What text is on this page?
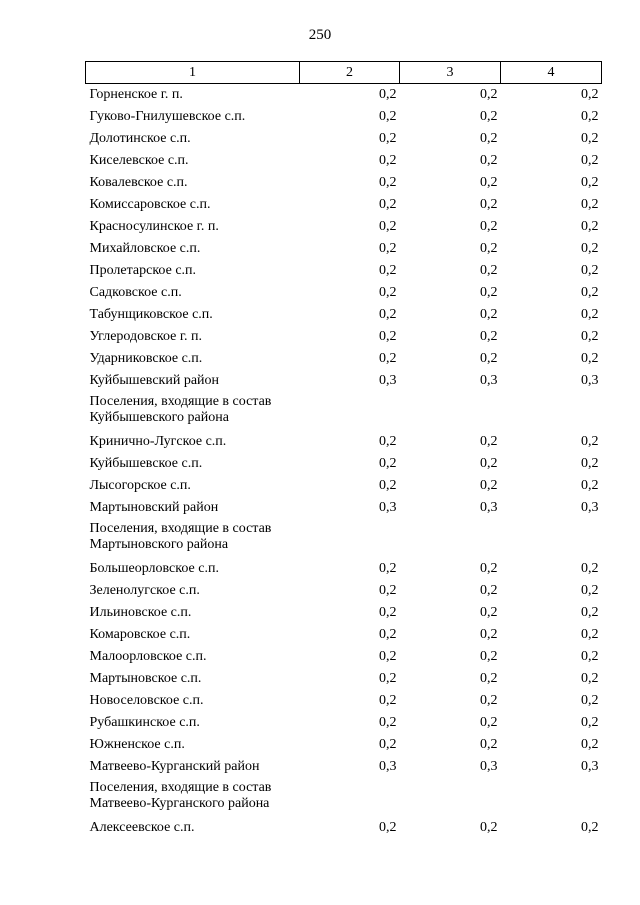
250
1	2	3	4
Горненское г. п.	0,2	0,2	0,2
Гуково-Гнилушевское с.п.	0,2	0,2	0,2
Долотинское с.п.	0,2	0,2	0,2
Киселевское с.п.	0,2	0,2	0,2
Ковалевское с.п.	0,2	0,2	0,2
Комиссаровское с.п.	0,2	0,2	0,2
Красносулинское г. п.	0,2	0,2	0,2
Михайловское с.п.	0,2	0,2	0,2
Пролетарское с.п.	0,2	0,2	0,2
Садковское с.п.	0,2	0,2	0,2
Табунщиковское с.п.	0,2	0,2	0,2
Углеродовское г. п.	0,2	0,2	0,2
Ударниковское с.п.	0,2	0,2	0,2
Куйбышевский район	0,3	0,3	0,3

Поселения, входящие в состав
Куйбышевского района			

Кринично-Лугское с.п.	0,2	0,2	0,2
Куйбышевское с.п.	0,2	0,2	0,2
Лысогорское с.п.	0,2	0,2	0,2
Мартыновский район	0,3	0,3	0,3

Поселения, входящие в состав
Мартыновского района			

Большеорловское с.п.	0,2	0,2	0,2
Зеленолугское с.п.	0,2	0,2	0,2
Ильиновское с.п.	0,2	0,2	0,2
Комаровское с.п.	0,2	0,2	0,2
Малоорловское с.п.	0,2	0,2	0,2
Мартыновское с.п.	0,2	0,2	0,2
Новоселовское с.п.	0,2	0,2	0,2
Рубашкинское с.п.	0,2	0,2	0,2
Южненское с.п.	0,2	0,2	0,2
Матвеево-Курганский район	0,3	0,3	0,3

Поселения, входящие в состав
Матвеево-Курганского района			

Алексеевское с.п.	0,2	0,2	0,2
